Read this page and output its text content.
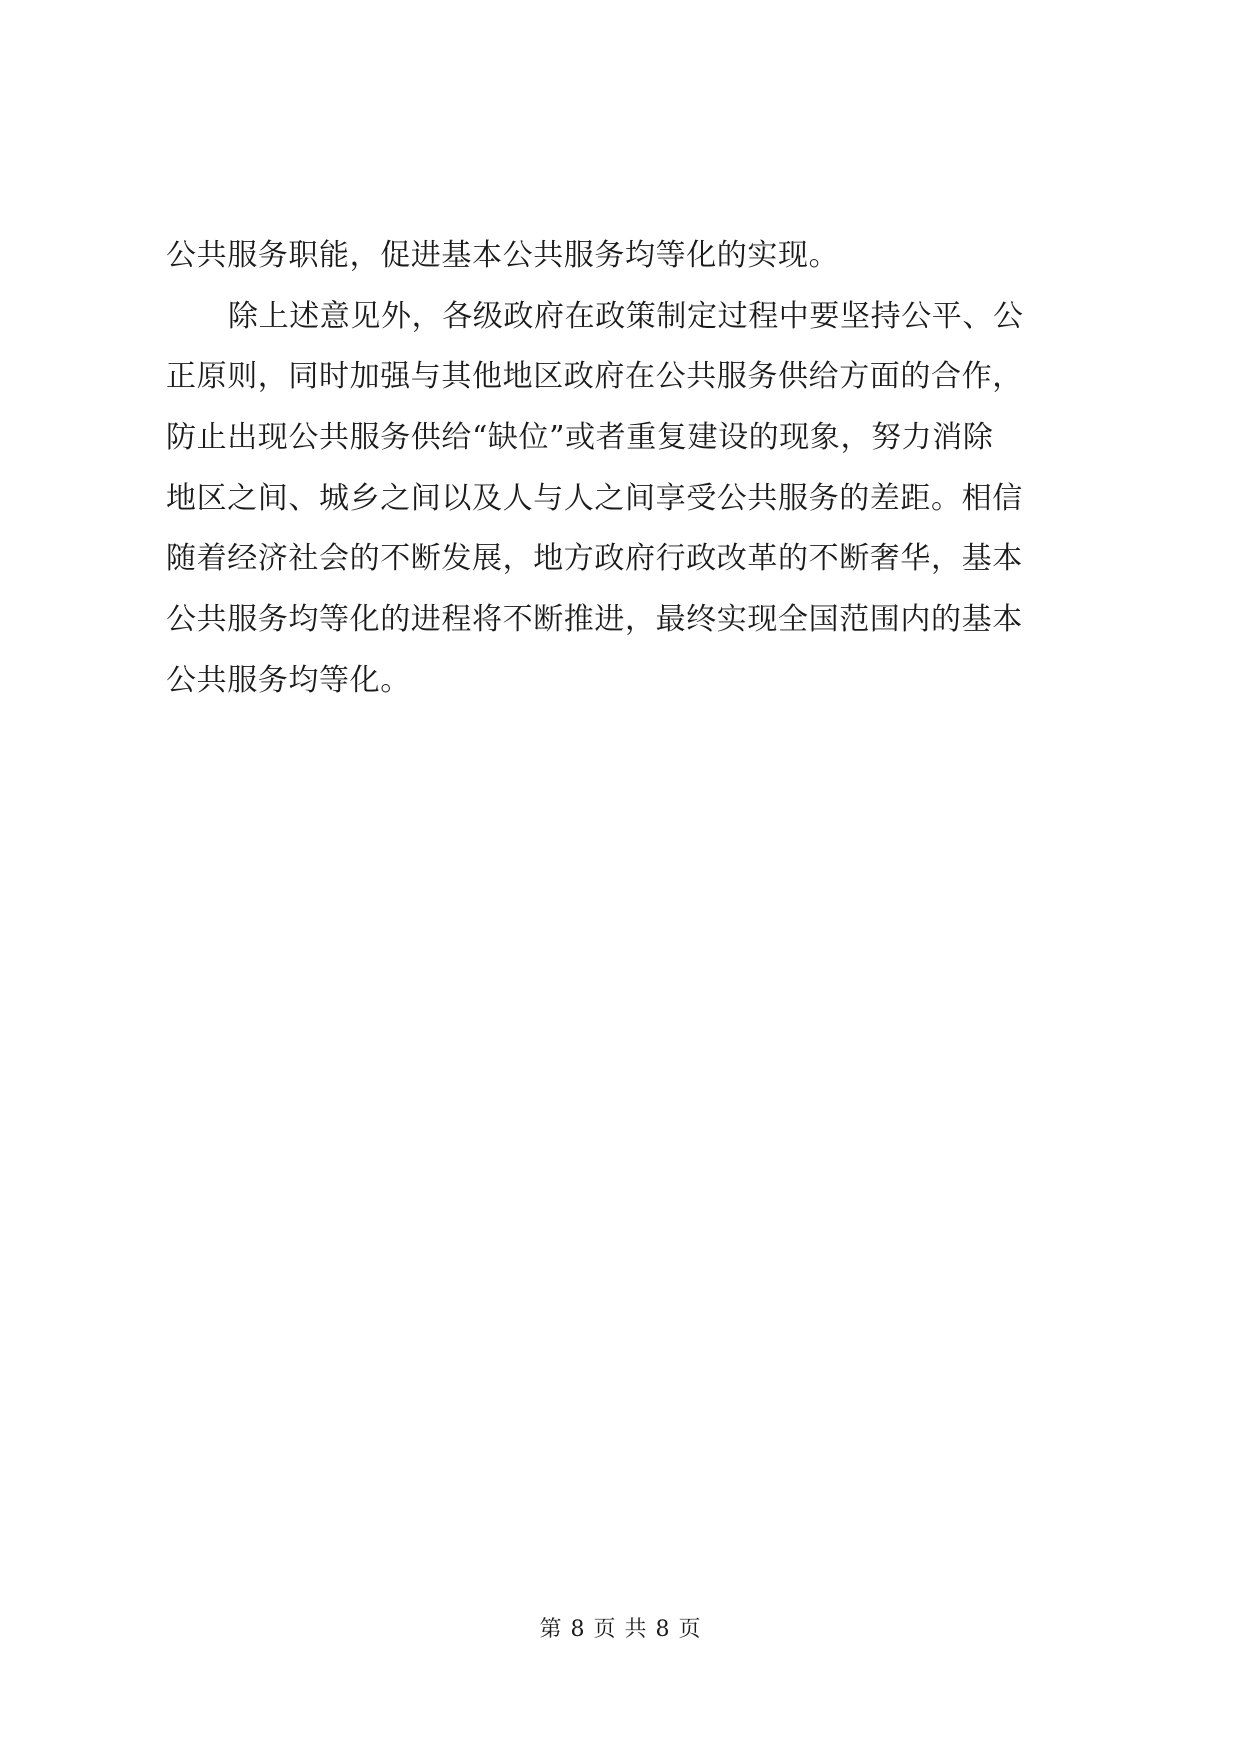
公共服务职能，促进基本公共服务均等化的实现。
除上述意见外，各级政府在政策制定过程中要坚持公平、公
正原则，同时加强与其他地区政府在公共服务供给方面的合作，
防止出现公共服务供给“缺位”或者重复建设的现象，努力消除
地区之间、城乡之间以及人与人之间享受公共服务的差距。相信
随着经济社会的不断发展，地方政府行政改革的不断奢华，基本
公共服务均等化的进程将不断推进，最终实现全国范围内的基本
公共服务均等化。
第 8 页 共 8 页
